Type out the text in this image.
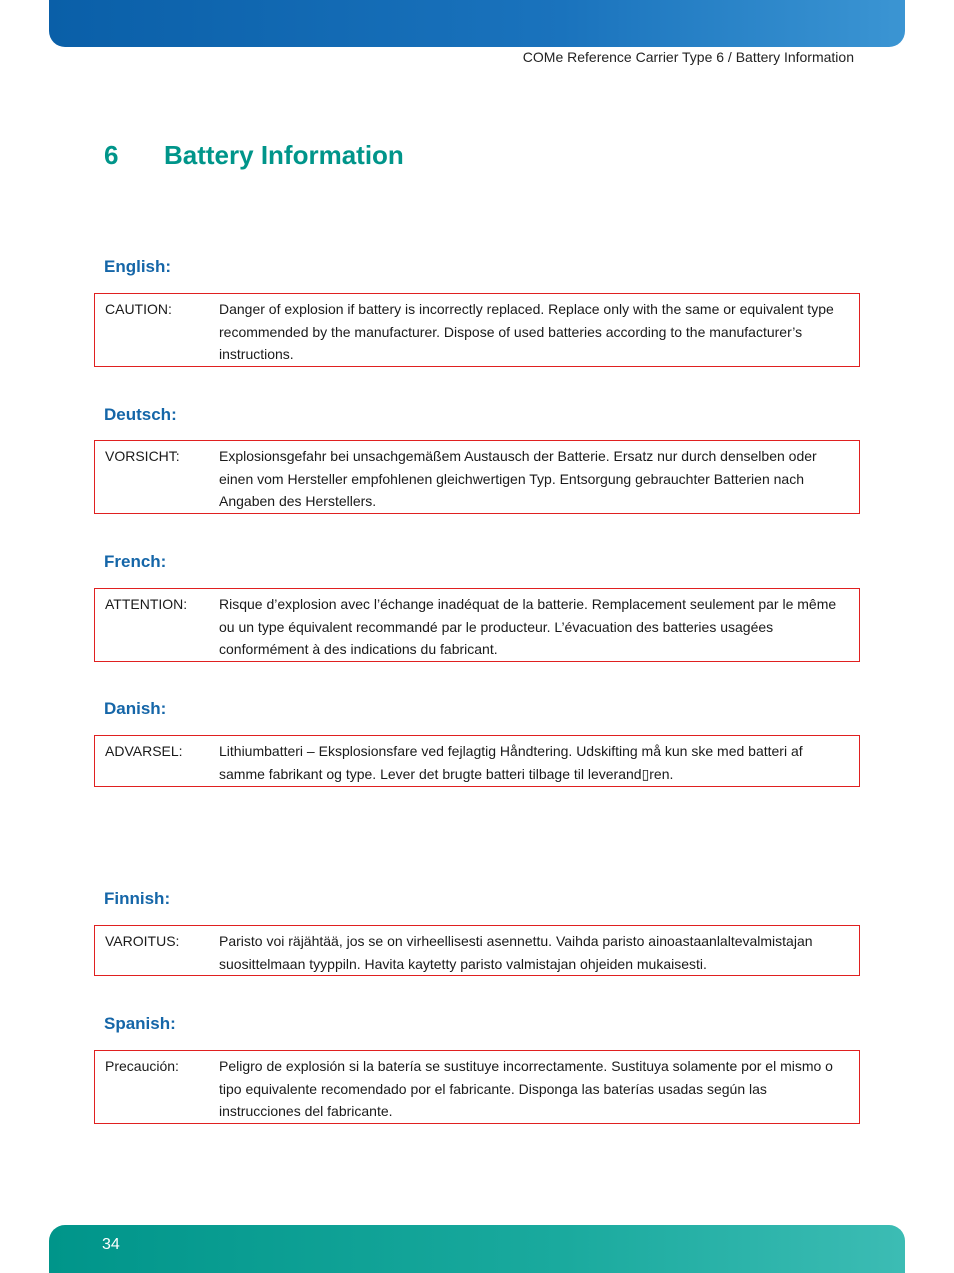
COMe Reference Carrier Type 6 / Battery Information
6	Battery Information
English:
CAUTION:	Danger of explosion if battery is incorrectly replaced. Replace only with the same or equivalent type recommended by the manufacturer. Dispose of used batteries according to the manufacturer’s instructions.
Deutsch:
VORSICHT:	Explosionsgefahr bei unsachgemäßem Austausch der Batterie. Ersatz nur durch denselben oder einen vom Hersteller empfohlenen gleichwertigen Typ. Entsorgung gebrauchter Batterien nach Angaben des Herstellers.
French:
ATTENTION: Risque d’explosion avec l’échange inadéquat de la batterie. Remplacement seulement par le même ou un type équivalent recommandé par le producteur. L’évacuation des batteries usagées conformément à des indications du fabricant.
Danish:
ADVARSEL:	Lithiumbatteri – Eksplosionsfare ved fejlagtig Håndtering. Udskifting må kun ske med batteri af samme fabrikant og type. Lever det brugte batteri tilbage til leverand▯ren.
Finnish:
VAROITUS:	Paristo voi räjähtää, jos se on virheellisesti asennettu. Vaihda paristo ainoastaanlaltevalmistajan suosittelmaan tyyppiln. Havita kaytetty paristo valmistajan ohjeiden mukaisesti.
Spanish:
Precaución:	Peligro de explosión si la batería se sustituye incorrectamente. Sustituya solamente por el mismo o tipo equivalente recomendado por el fabricante. Disponga las baterías usadas según las instrucciones del fabricante.
34
